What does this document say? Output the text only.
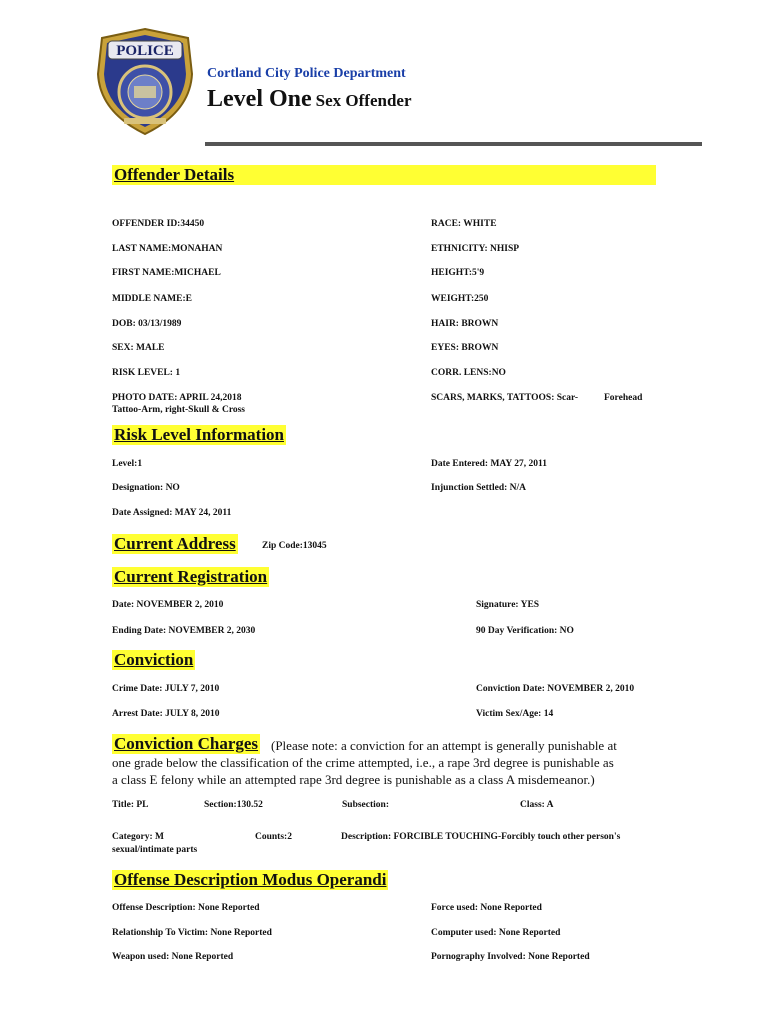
POLICE
Cortland City Police Department
Level One Sex Offender
Offender Details
OFFENDER ID:34450	RACE: WHITE
LAST NAME:MONAHAN	ETHNICITY: NHISP
FIRST NAME:MICHAEL	HEIGHT:5'9
MIDDLE NAME:E	WEIGHT:250
DOB: 03/13/1989	HAIR: BROWN
SEX: MALE	EYES: BROWN
RISK LEVEL: 1	CORR. LENS:NO
PHOTO DATE: APRIL 24,2018	SCARS, MARKS, TATTOOS: Scar-	Forehead
Tattoo-Arm, right-Skull & Cross
Risk Level Information
Level:1	Date Entered: MAY 27, 2011
Designation: NO	Injunction Settled: N/A
Date Assigned: MAY 24, 2011
Current Address	Zip Code:13045
Current Registration
Date: NOVEMBER 2, 2010	Signature: YES
Ending Date: NOVEMBER 2, 2030	90 Day Verification: NO
Conviction
Crime Date: JULY 7, 2010	Conviction Date: NOVEMBER 2, 2010
Arrest Date: JULY 8, 2010	Victim Sex/Age: 14
Conviction Charges (Please note: a conviction for an attempt is generally punishable at
one grade below the classification of the crime attempted, i.e., a rape 3rd degree is punishable as
a class E felony while an attempted rape 3rd degree is punishable as a class A misdemeanor.)
Title: PL	Section:130.52	Subsection:	Class: A
Category: M	Counts:2	Description: FORCIBLE TOUCHING-Forcibly touch other person's
sexual/intimate parts
Offense Description Modus Operandi
Offense Description: None Reported	Force used: None Reported
Relationship To Victim: None Reported	Computer used: None Reported
Weapon used: None Reported	Pornography Involved: None Reported
